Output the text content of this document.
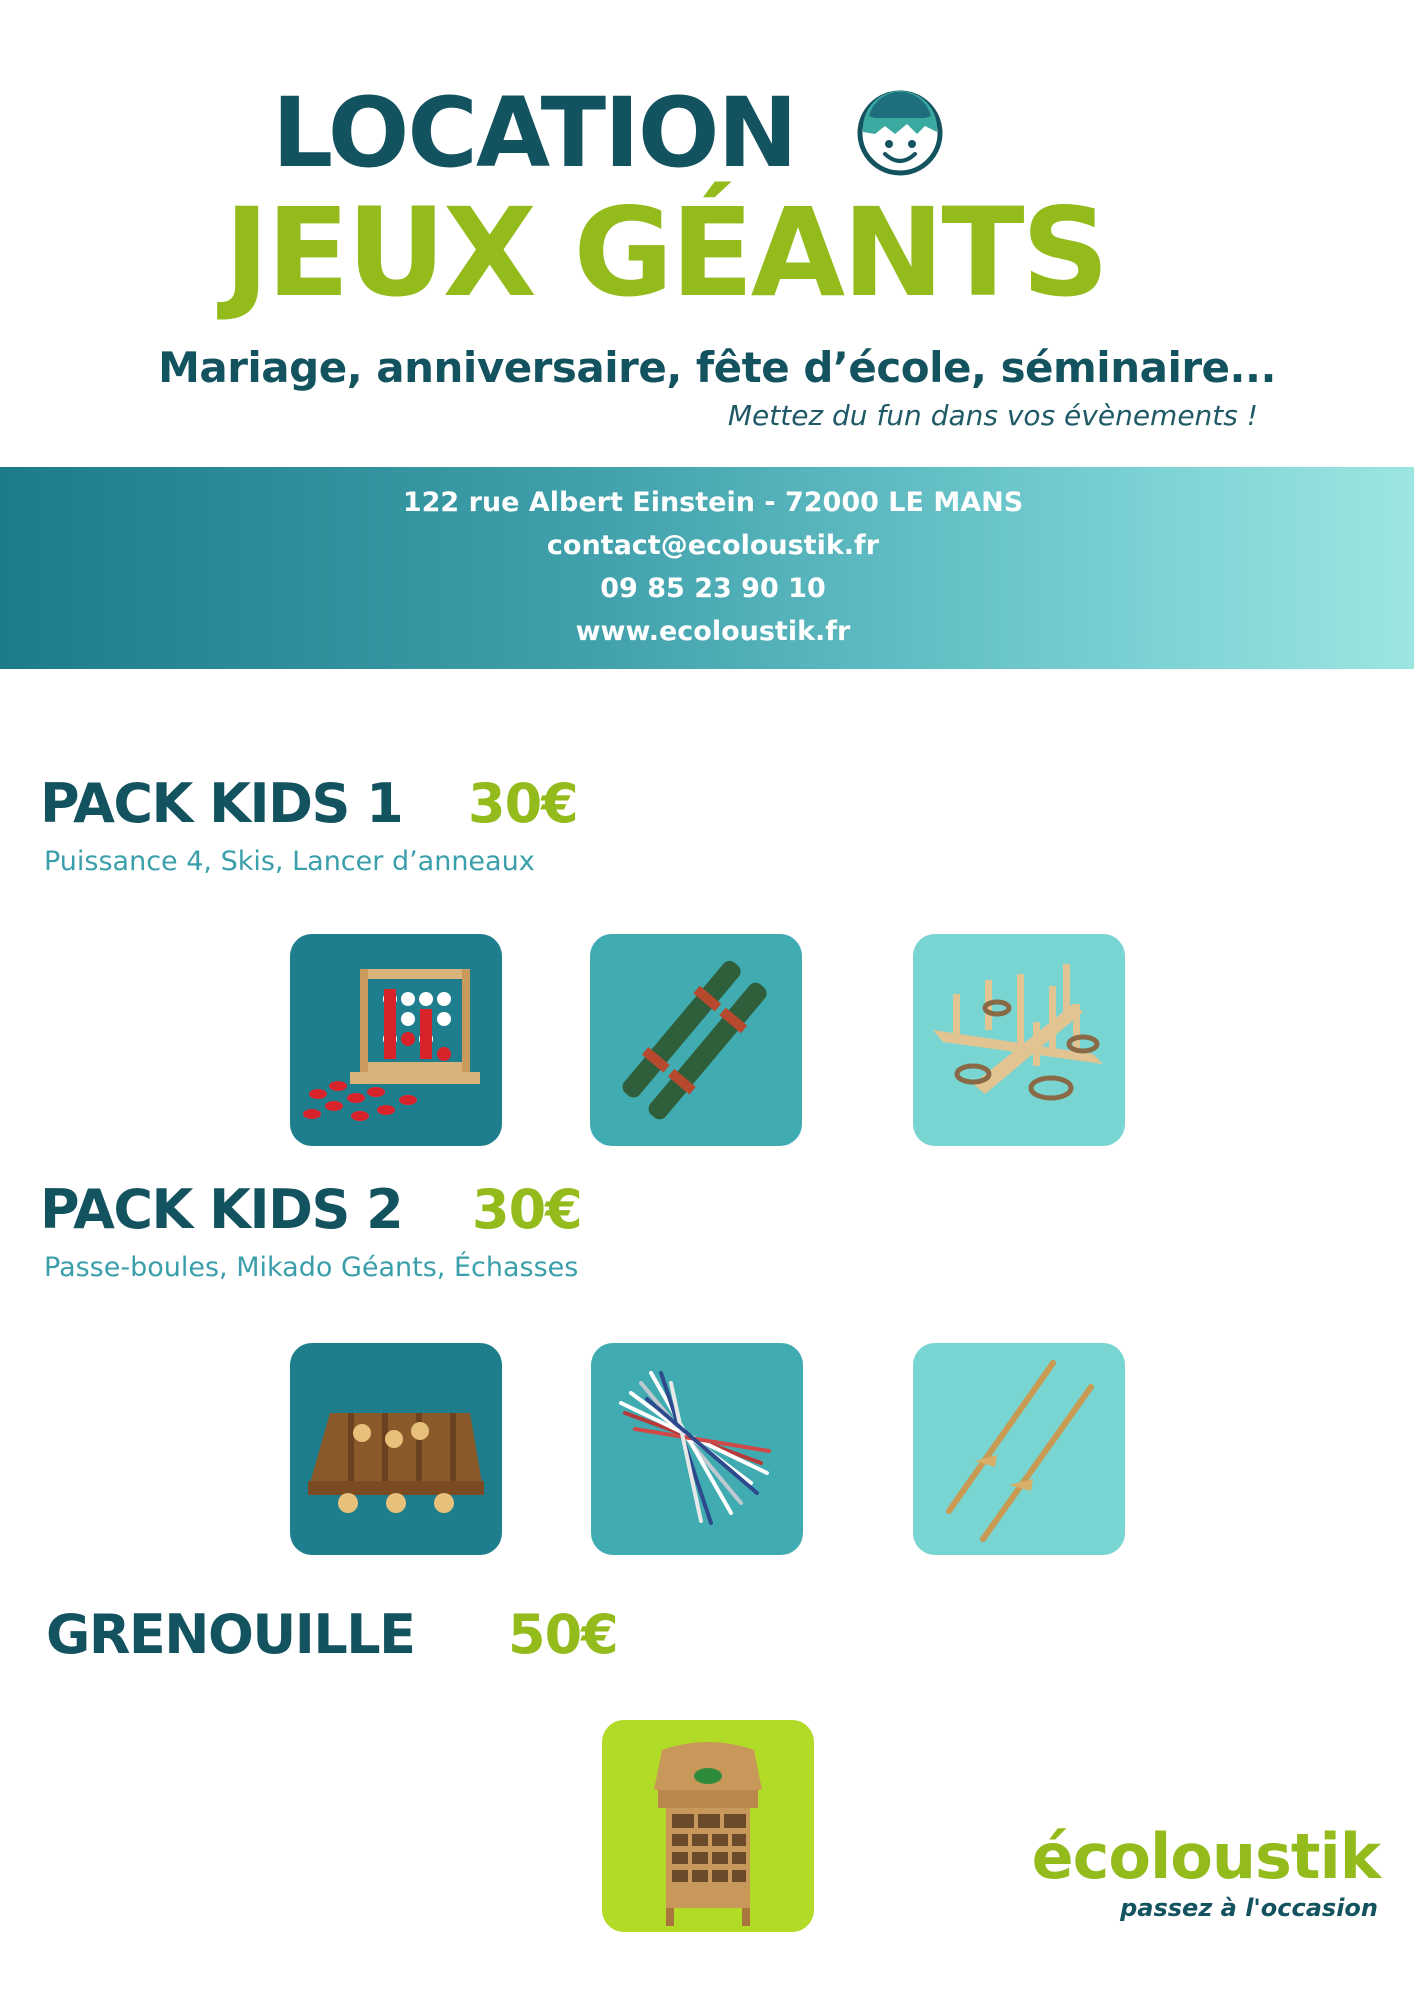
LOCATION
JEUX GÉANTS
Mariage, anniversaire, fête d’école, séminaire...
Mettez du fun dans vos évènements !
122 rue Albert Einstein - 72000 LE MANS
contact@ecoloustik.fr
09 85 23 90 10
www.ecoloustik.fr
PACK KIDS 1 30€
Puissance 4, Skis, Lancer d’anneaux
PACK KIDS 2 30€
Passe-boules, Mikado Géants, Échasses
GRENOUILLE 50€
écoloustik
passez à l'occasion
